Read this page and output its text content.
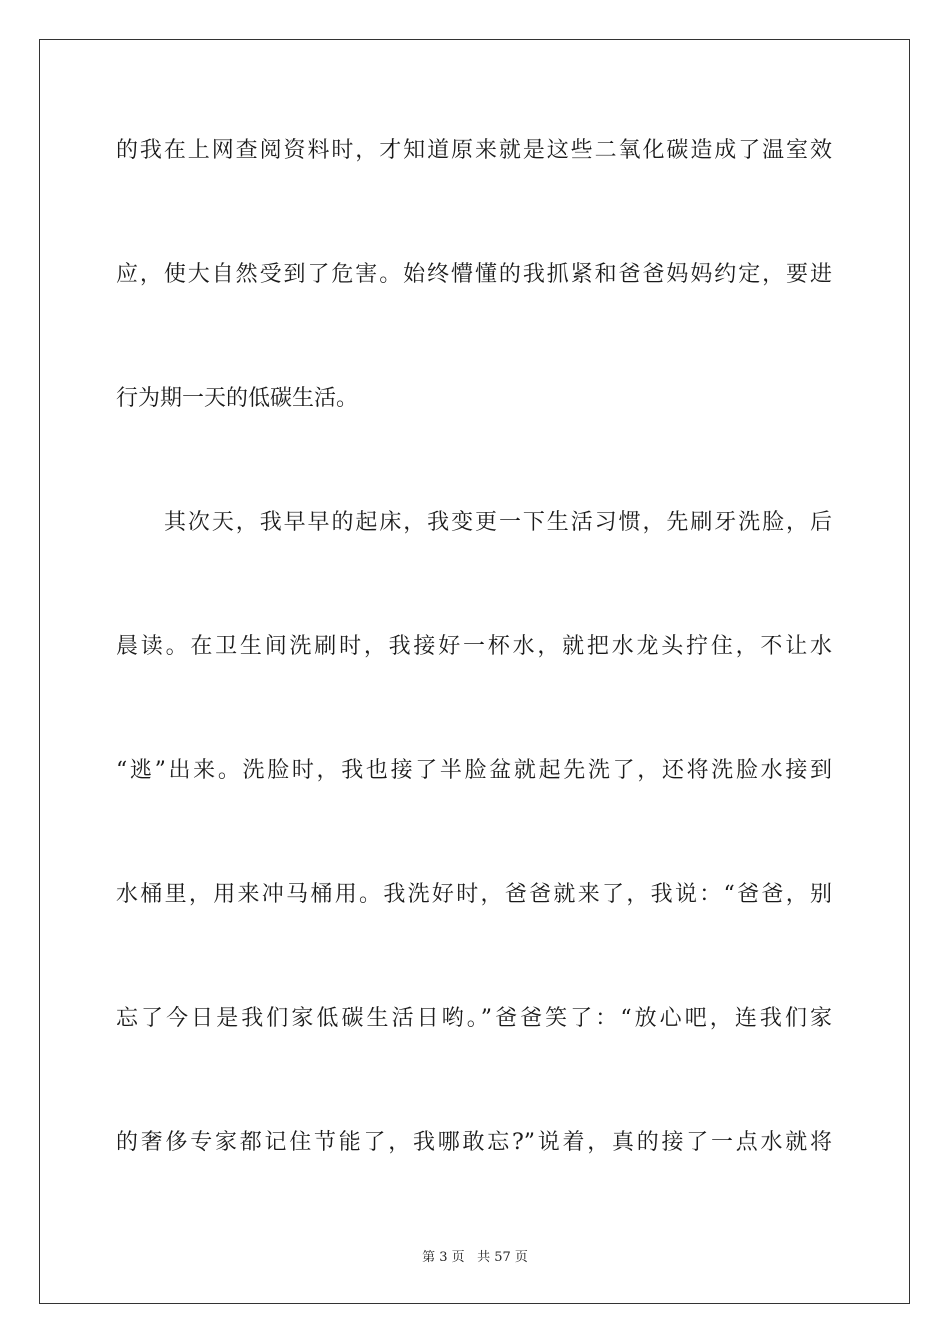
的我在上网查阅资料时，才知道原来就是这些二氧化碳造成了温室效
应，使大自然受到了危害。始终懵懂的我抓紧和爸爸妈妈约定，要进
行为期一天的低碳生活。
其次天，我早早的起床，我变更一下生活习惯，先刷牙洗脸，后
晨读。在卫生间洗刷时，我接好一杯水，就把水龙头拧住，不让水
“逃”出来。洗脸时，我也接了半脸盆就起先洗了，还将洗脸水接到
水桶里，用来冲马桶用。我洗好时，爸爸就来了，我说：“爸爸，别
忘了今日是我们家低碳生活日哟。”爸爸笑了：“放心吧，连我们家
的奢侈专家都记住节能了，我哪敢忘?”说着，真的接了一点水就将
第 3 页 共 57 页
